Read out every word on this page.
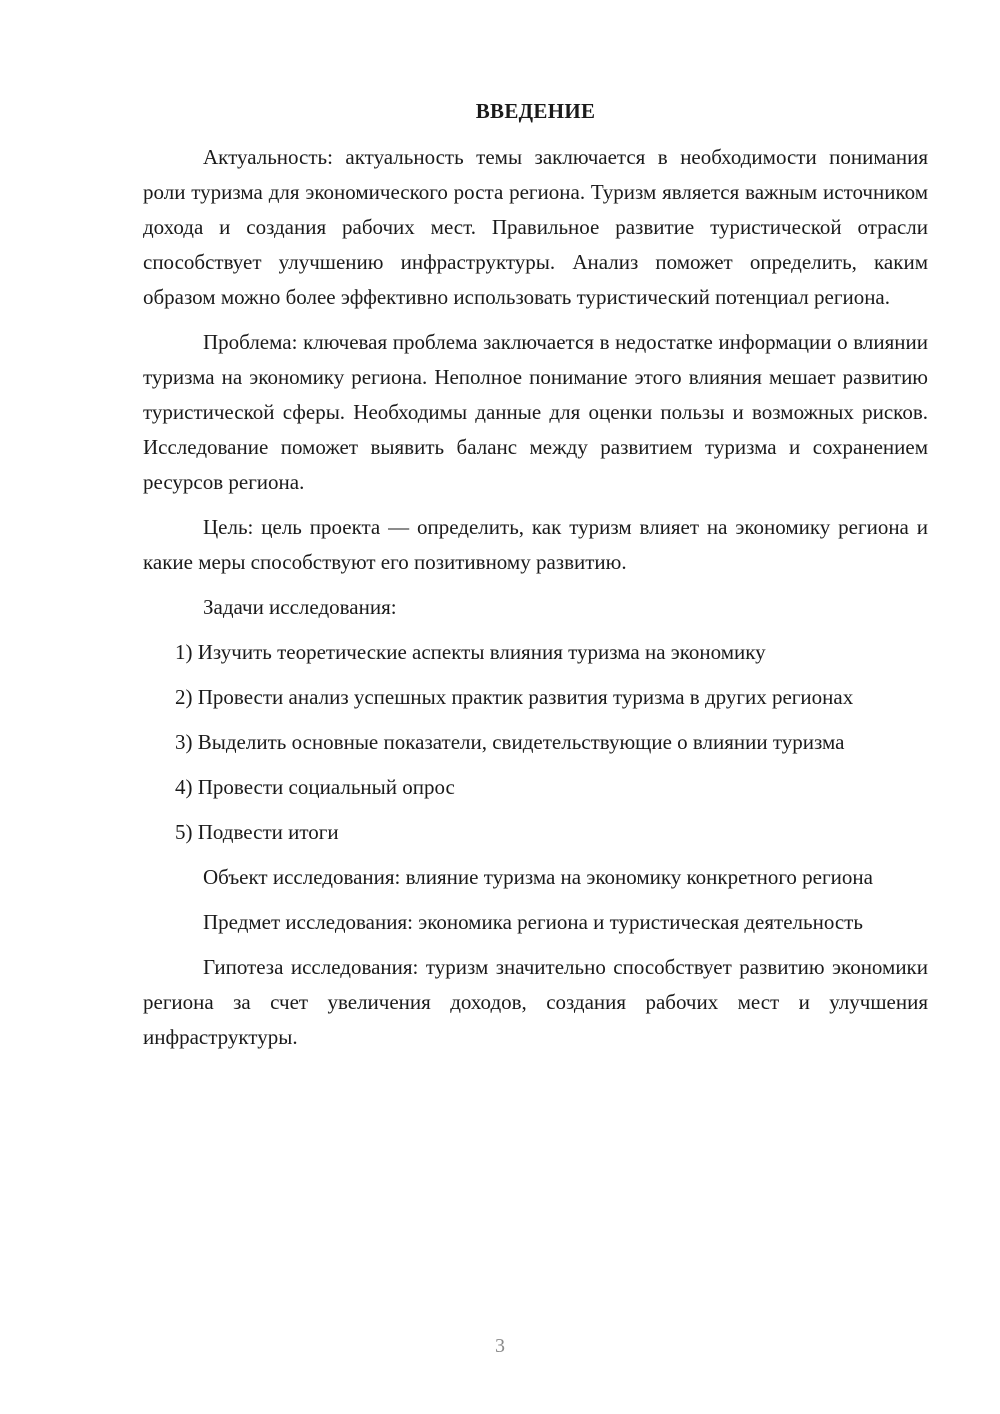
ВВЕДЕНИЕ

Актуальность: актуальность темы заключается в необходимости понимания роли туризма для экономического роста региона. Туризм является важным источником дохода и создания рабочих мест. Правильное развитие туристической отрасли способствует улучшению инфраструктуры. Анализ поможет определить, каким образом можно более эффективно использовать туристический потенциал региона.

Проблема: ключевая проблема заключается в недостатке информации о влиянии туризма на экономику региона. Неполное понимание этого влияния мешает развитию туристической сферы. Необходимы данные для оценки пользы и возможных рисков. Исследование поможет выявить баланс между развитием туризма и сохранением ресурсов региона.

Цель: цель проекта — определить, как туризм влияет на экономику региона и какие меры способствуют его позитивному развитию.

Задачи исследования:

1) Изучить теоретические аспекты влияния туризма на экономику

2) Провести анализ успешных практик развития туризма в других регионах

3) Выделить основные показатели, свидетельствующие о влиянии туризма

4) Провести социальный опрос

5) Подвести итоги

Объект исследования: влияние туризма на экономику конкретного региона

Предмет исследования: экономика региона и туристическая деятельность

Гипотеза исследования: туризм значительно способствует развитию экономики региона за счет увеличения доходов, создания рабочих мест и улучшения инфраструктуры.

3
